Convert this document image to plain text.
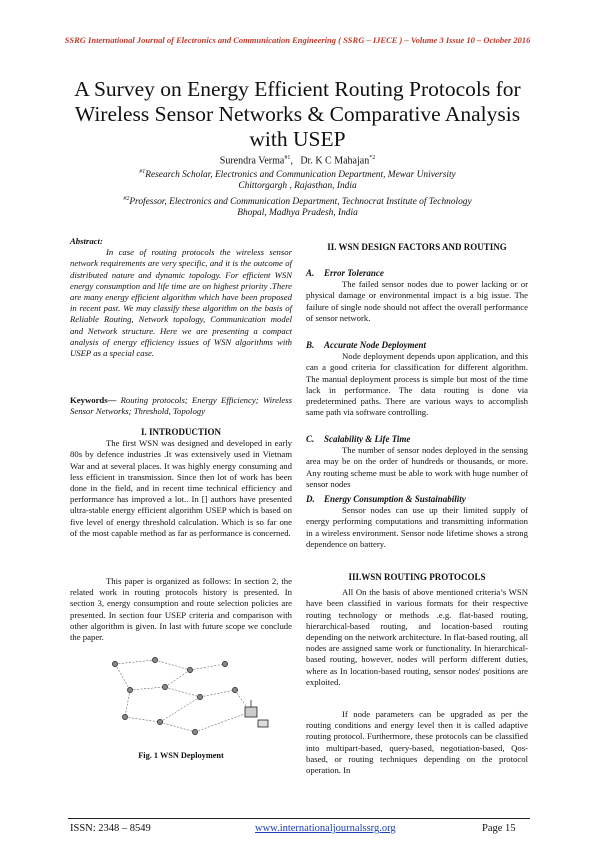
SSRG International Journal of Electronics and Communication Engineering ( SSRG – IJECE ) – Volume 3 Issue 10 – October 2016
A Survey on Energy Efficient Routing Protocols for Wireless Sensor Networks & Comparative Analysis with USEP
Surendra Verma$^{\#1}$,   Dr. K C Mahajan$^{*2}$
$^{\#1}$Research Scholar, Electronics and Communication Department, Mewar University
Chittorgargh , Rajasthan, India
$^{\#2}$Professor, Electronics and Communication Department, Technocrat Institute of Technology
Bhopal, Madhya Pradesh, India

Abstract:

In case of routing protocols the wireless sensor network requirements are very specific, and it is the outcome of distributed nature and dynamic topology. For efficient WSN energy consumption and life time are on highest priority .There are many energy efficient algorithm which have been proposed in recent past. We may classify these algorithm on the basis of Reliable Routing, Network topology, Communication model and Network structure. Here we are presenting a compact analysis of energy efficiency issues of WSN algorithms with USEP as a special case.

Keywords— Routing protocols; Energy Efficiency; Wireless Sensor Networks; Threshold, Topology

I. INTRODUCTION

The first WSN was designed and developed in early 80s by defence industries .It was extensively used in Vietnam War and at several places. It was highly energy consuming and less efficient in transmission. Since then lot of work has been done in the field, and in recent time technical efficiency and performance has improved a lot.. In [] authors have presented ultra-stable energy efficient algorithm USEP which is based on five level of energy threshold calculation. Which is so far one of the most capable method as far as performance is concerned.

This paper is organized as follows: In section 2, the related work in routing protocols history is presented. In section 3, energy consumption and route selection policies are presented. In section four USEP criteria and comparison with other algorithm is given. In last with future scope we conclude the paper.

Fig. 1 WSN Deployment

II. WSN DESIGN FACTORS AND ROUTING

A. Error Tolerance

The failed sensor nodes due to power lacking or or physical damage or environmental impact is a big issue. The failure of single node should not affect the overall performance of sensor network.

B. Accurate Node Deployment

Node deployment depends upon application, and this can a good criteria for classification for different algorithm. The manual deployment process is simple but most of the time lack in performance. The data routing is done via predetermined paths. There are various ways to accomplish same path via software controlling.

C. Scalability & Life Time

The number of sensor nodes deployed in the sensing area may be on the order of hundreds or thousands, or more. Any routing scheme must be able to work with huge number of sensor nodes

D. Energy Consumption & Sustainability

Sensor nodes can use up their limited supply of energy performing computations and transmitting information in a wireless environment. Sensor node lifetime shows a strong dependence on battery.

III.WSN ROUTING PROTOCOLS

All On the basis of above mentioned criteria’s WSN have been classified in various formats for their respective routing technology or methods .e.g. flat-based routing, hierarchical-based routing, and location-based routing depending on the network architecture. In flat-based routing, all nodes are assigned same work or functionality. In hierarchical-based routing, however, nodes will perform different duties, where as In location-based routing, sensor nodes' positions are exploited.

If node parameters can be upgraded as per the routing conditions and energy level then it is called adaptive routing protocol. Furthermore, these protocols can be classified into multipart-based, query-based, negotiation-based, Qos-based, or routing techniques depending on the protocol operation. In

ISSN: 2348 – 8549	www.internationaljournalssrg.org	Page 15
